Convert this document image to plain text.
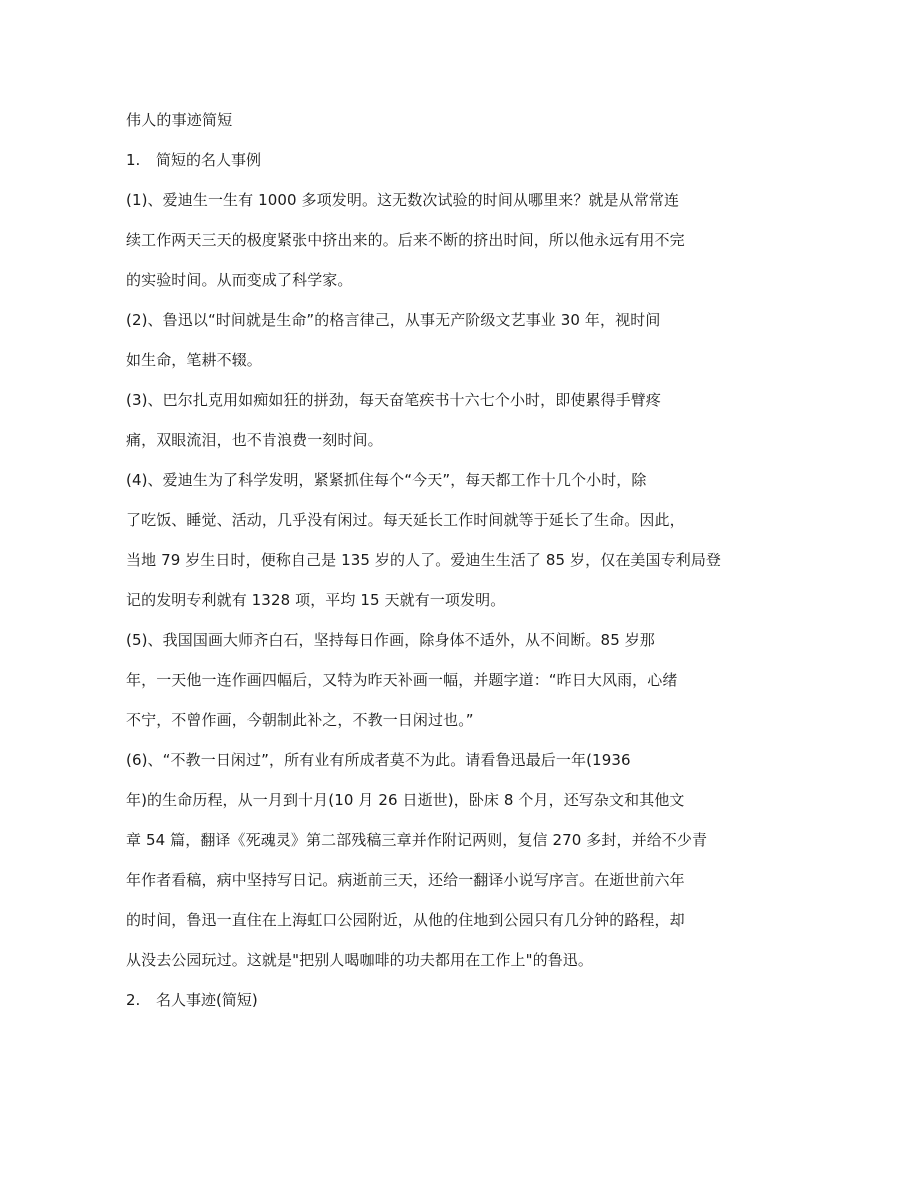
伟人的事迹简短

1. 简短的名人事例

(1)、爱迪生一生有 1000 多项发明。这无数次试验的时间从哪里来？就是从常常连
续工作两天三天的极度紧张中挤出来的。后来不断的挤出时间，所以他永远有用不完
的实验时间。从而变成了科学家。

(2)、鲁迅以“时间就是生命”的格言律己，从事无产阶级文艺事业 30 年，视时间
如生命，笔耕不辍。

(3)、巴尔扎克用如痴如狂的拼劲，每天奋笔疾书十六七个小时，即使累得手臂疼
痛，双眼流泪，也不肯浪费一刻时间。

(4)、爱迪生为了科学发明，紧紧抓住每个“今天”，每天都工作十几个小时，除
了吃饭、睡觉、活动，几乎没有闲过。每天延长工作时间就等于延长了生命。因此，
当地 79 岁生日时，便称自己是 135 岁的人了。爱迪生生活了 85 岁，仅在美国专利局登
记的发明专利就有 1328 项，平均 15 天就有一项发明。

(5)、我国国画大师齐白石，坚持每日作画，除身体不适外，从不间断。85 岁那
年，一天他一连作画四幅后，又特为昨天补画一幅，并题字道：“昨日大风雨，心绪
不宁，不曾作画，今朝制此补之，不教一日闲过也。”

(6)、“不教一日闲过”，所有业有所成者莫不为此。请看鲁迅最后一年(1936
年)的生命历程，从一月到十月(10 月 26 日逝世)，卧床 8 个月，还写杂文和其他文
章 54 篇，翻译《死魂灵》第二部残稿三章并作附记两则，复信 270 多封，并给不少青
年作者看稿，病中坚持写日记。病逝前三天，还给一翻译小说写序言。在逝世前六年
的时间，鲁迅一直住在上海虹口公园附近，从他的住地到公园只有几分钟的路程，却
从没去公园玩过。这就是"把别人喝咖啡的功夫都用在工作上"的鲁迅。

2. 名人事迹(简短)
